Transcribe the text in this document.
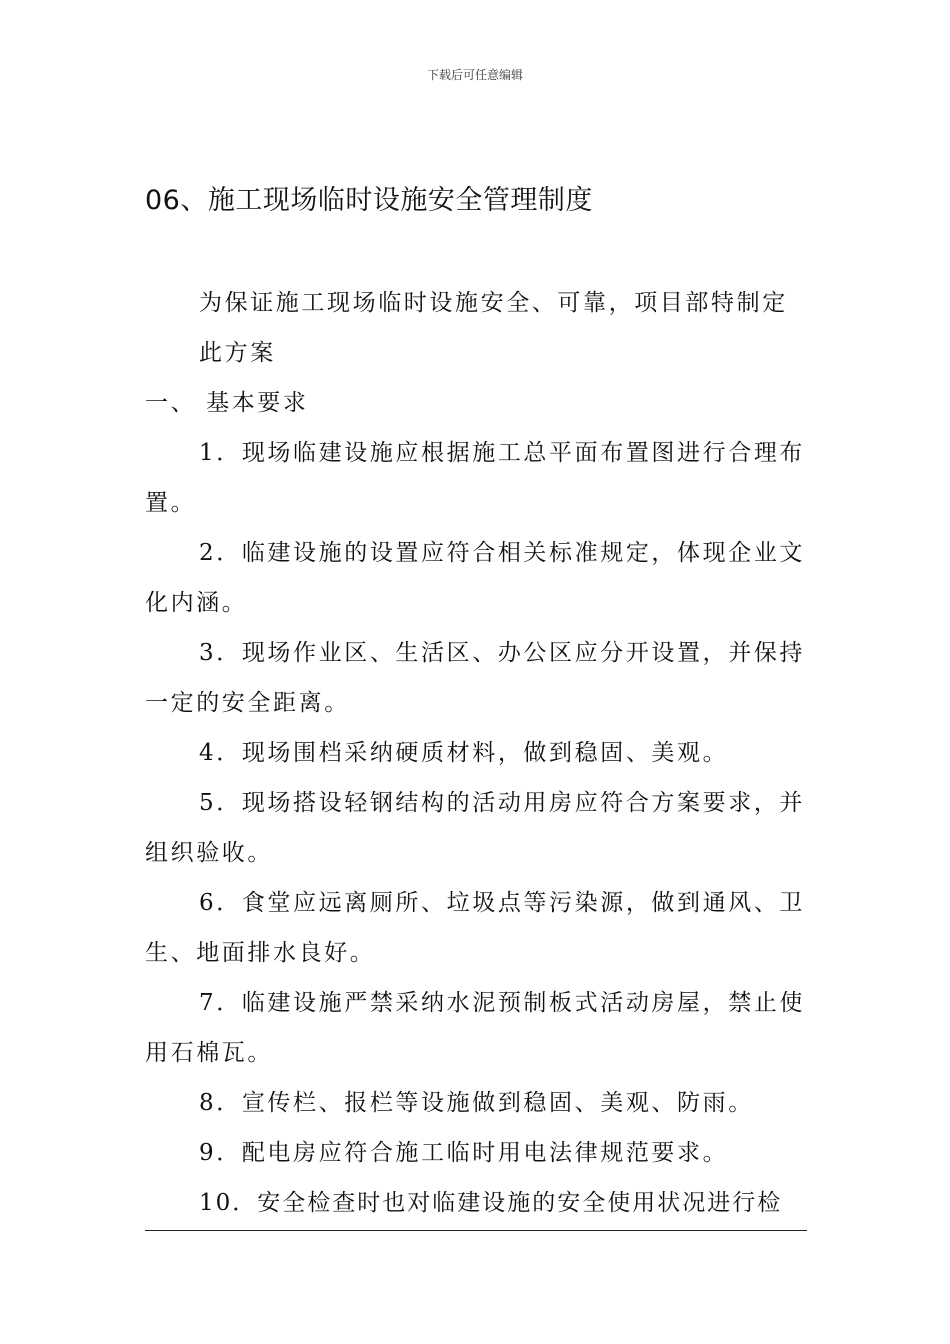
下载后可任意编辑
06、施工现场临时设施安全管理制度

为保证施工现场临时设施安全、可靠，项目部特制定此方案

一、 基本要求

1．现场临建设施应根据施工总平面布置图进行合理布置。

2．临建设施的设置应符合相关标准规定，体现企业文化内涵。

3．现场作业区、生活区、办公区应分开设置，并保持一定的安全距离。

4．现场围档采纳硬质材料，做到稳固、美观。

5．现场搭设轻钢结构的活动用房应符合方案要求，并组织验收。

6．食堂应远离厕所、垃圾点等污染源，做到通风、卫生、地面排水良好。

7．临建设施严禁采纳水泥预制板式活动房屋，禁止使用石棉瓦。

8．宣传栏、报栏等设施做到稳固、美观、防雨。

9．配电房应符合施工临时用电法律规范要求。

10．安全检查时也对临建设施的安全使用状况进行检
